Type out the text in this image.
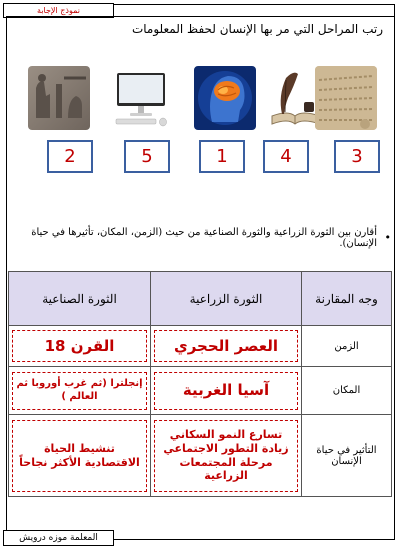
نموذج الإجابة
رتب المراحل التي مر بها الإنسان لحفظ المعلومات
2	5	1	4	3
•
أقارن بين الثورة الزراعية والثورة الصناعية من حيث (الزمن، المكان، تأثيرها في حياة الإنسان).
وجه المقارنة	الثورة الزراعية	الثورة الصناعية
الزمن	العصر الحجري	القرن 18

المكان	آسيا الغربية	إنجلترا (ثم غرب أوروبا ثم العالم )

التأثير في حياة الإنسان	تسارع النمو السكاني زيادة التطور الاجتماعي مرحلة المجتمعات الزراعية	تنشيط الحياة الاقتصادية الأكثر نجاحاً
المعلمة موزه درويش
